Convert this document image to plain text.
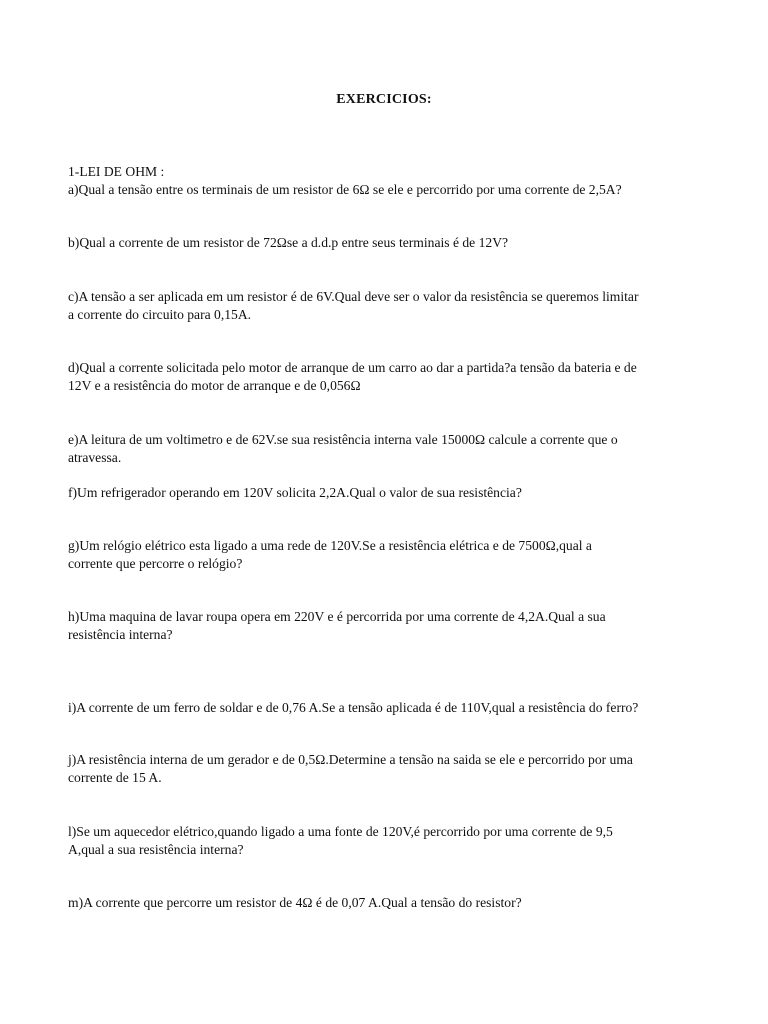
EXERCICIOS:
1-LEI DE OHM :
a)Qual a tensão entre os terminais de um resistor de 6Ω se ele e percorrido por uma corrente de 2,5A?
b)Qual a corrente de um resistor de 72Ωse a d.d.p entre seus terminais é de 12V?
c)A tensão a ser aplicada em um resistor é de 6V.Qual deve ser o valor da resistência se queremos limitar
a corrente do circuito para 0,15A.
d)Qual a corrente solicitada pelo motor de arranque de um carro ao dar a partida?a tensão da bateria e de
12V e a resistência do motor de arranque e de 0,056Ω
e)A leitura de um voltimetro e de 62V.se sua resistência interna vale 15000Ω calcule a corrente que o
atravessa.
f)Um refrigerador operando em 120V solicita 2,2A.Qual o valor de sua resistência?
g)Um relógio elétrico esta ligado a uma rede de 120V.Se a resistência elétrica e de 7500Ω,qual a
corrente que percorre o relógio?
h)Uma maquina de lavar roupa opera em 220V e é percorrida por uma corrente de 4,2A.Qual a sua
resistência interna?
i)A corrente de um ferro de soldar e de 0,76 A.Se a tensão aplicada é de 110V,qual a resistência do ferro?
j)A resistência interna de um gerador e de 0,5Ω.Determine a tensão na saida se ele e percorrido por uma
corrente de 15 A.
l)Se um aquecedor elétrico,quando ligado a uma fonte de 120V,é percorrido por uma corrente de 9,5
A,qual a sua resistência interna?
m)A corrente que percorre um resistor de 4Ω é de 0,07 A.Qual a tensão do resistor?
